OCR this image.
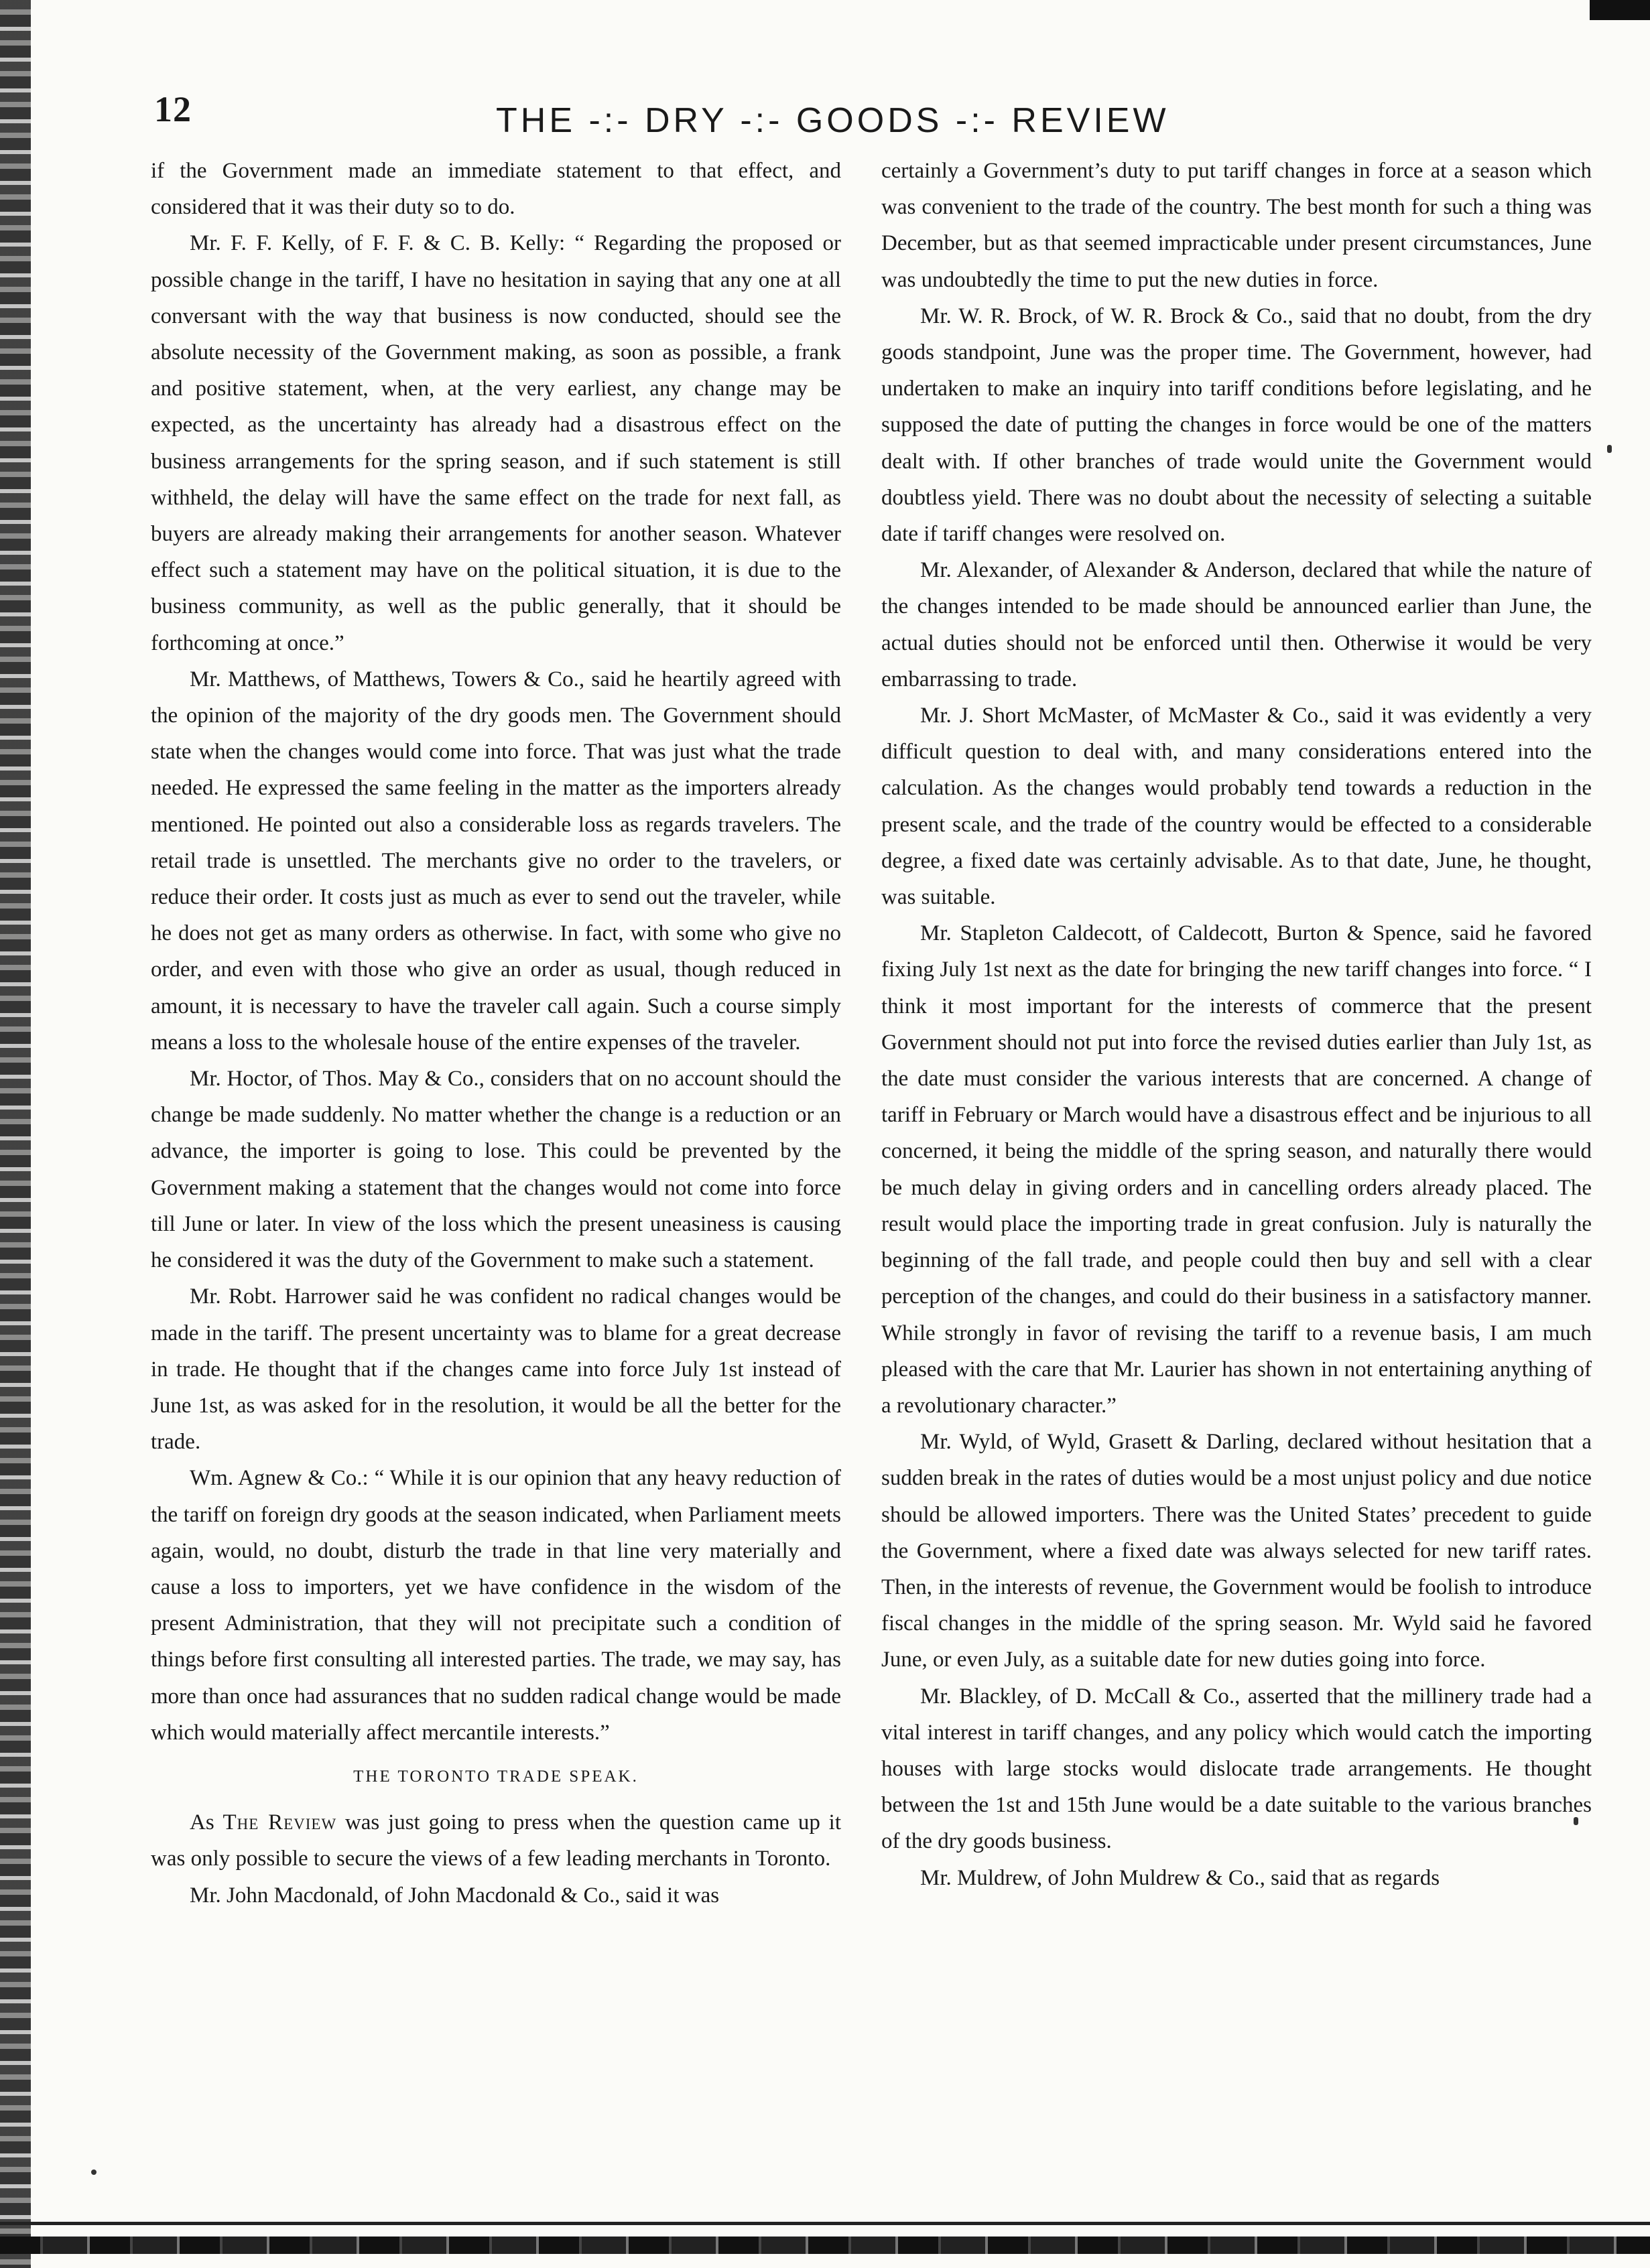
12	THE -:- DRY -:- GOODS -:- REVIEW

if the Government made an immediate statement to that effect, and considered that it was their duty so to do.

Mr. F. F. Kelly, of F. F. & C. B. Kelly: “ Regarding the proposed or possible change in the tariff, I have no hesitation in saying that any one at all conversant with the way that business is now conducted, should see the absolute necessity of the Government making, as soon as possible, a frank and positive statement, when, at the very earliest, any change may be expected, as the uncertainty has already had a disastrous effect on the business arrangements for the spring season, and if such statement is still withheld, the delay will have the same effect on the trade for next fall, as buyers are already making their arrangements for another season. Whatever effect such a statement may have on the political situation, it is due to the business community, as well as the public generally, that it should be forthcoming at once.”

Mr. Matthews, of Matthews, Towers & Co., said he heartily agreed with the opinion of the majority of the dry goods men. The Government should state when the changes would come into force. That was just what the trade needed. He expressed the same feeling in the matter as the importers already mentioned. He pointed out also a considerable loss as regards travelers. The retail trade is unsettled. The merchants give no order to the travelers, or reduce their order. It costs just as much as ever to send out the traveler, while he does not get as many orders as otherwise. In fact, with some who give no order, and even with those who give an order as usual, though reduced in amount, it is necessary to have the traveler call again. Such a course simply means a loss to the wholesale house of the entire expenses of the traveler.

Mr. Hoctor, of Thos. May & Co., considers that on no account should the change be made suddenly. No matter whether the change is a reduction or an advance, the importer is going to lose. This could be prevented by the Government making a statement that the changes would not come into force till June or later. In view of the loss which the present uneasiness is causing he considered it was the duty of the Government to make such a statement.

Mr. Robt. Harrower said he was confident no radical changes would be made in the tariff. The present uncertainty was to blame for a great decrease in trade. He thought that if the changes came into force July 1st instead of June 1st, as was asked for in the resolution, it would be all the better for the trade.

Wm. Agnew & Co.: “ While it is our opinion that any heavy reduction of the tariff on foreign dry goods at the season indicated, when Parliament meets again, would, no doubt, disturb the trade in that line very materially and cause a loss to importers, yet we have confidence in the wisdom of the present Administration, that they will not precipitate such a condition of things before first consulting all interested parties. The trade, we may say, has more than once had assurances that no sudden radical change would be made which would materially affect mercantile interests.”

THE TORONTO TRADE SPEAK.

As The Review was just going to press when the question came up it was only possible to secure the views of a few leading merchants in Toronto.

Mr. John Macdonald, of John Macdonald & Co., said it was

certainly a Government’s duty to put tariff changes in force at a season which was convenient to the trade of the country. The best month for such a thing was December, but as that seemed impracticable under present circumstances, June was undoubtedly the time to put the new duties in force.

Mr. W. R. Brock, of W. R. Brock & Co., said that no doubt, from the dry goods standpoint, June was the proper time. The Government, however, had undertaken to make an inquiry into tariff conditions before legislating, and he supposed the date of putting the changes in force would be one of the matters dealt with. If other branches of trade would unite the Government would doubtless yield. There was no doubt about the necessity of selecting a suitable date if tariff changes were resolved on.

Mr. Alexander, of Alexander & Anderson, declared that while the nature of the changes intended to be made should be announced earlier than June, the actual duties should not be enforced until then. Otherwise it would be very embarrassing to trade.

Mr. J. Short McMaster, of McMaster & Co., said it was evidently a very difficult question to deal with, and many considerations entered into the calculation. As the changes would probably tend towards a reduction in the present scale, and the trade of the country would be effected to a considerable degree, a fixed date was certainly advisable. As to that date, June, he thought, was suitable.

Mr. Stapleton Caldecott, of Caldecott, Burton & Spence, said he favored fixing July 1st next as the date for bringing the new tariff changes into force. “ I think it most important for the interests of commerce that the present Government should not put into force the revised duties earlier than July 1st, as the date must consider the various interests that are concerned. A change of tariff in February or March would have a disastrous effect and be injurious to all concerned, it being the middle of the spring season, and naturally there would be much delay in giving orders and in cancelling orders already placed. The result would place the importing trade in great confusion. July is naturally the beginning of the fall trade, and people could then buy and sell with a clear perception of the changes, and could do their business in a satisfactory manner. While strongly in favor of revising the tariff to a revenue basis, I am much pleased with the care that Mr. Laurier has shown in not entertaining anything of a revolutionary character.”

Mr. Wyld, of Wyld, Grasett & Darling, declared without hesitation that a sudden break in the rates of duties would be a most unjust policy and due notice should be allowed importers. There was the United States’ precedent to guide the Government, where a fixed date was always selected for new tariff rates. Then, in the interests of revenue, the Government would be foolish to introduce fiscal changes in the middle of the spring season. Mr. Wyld said he favored June, or even July, as a suitable date for new duties going into force.

Mr. Blackley, of D. McCall & Co., asserted that the millinery trade had a vital interest in tariff changes, and any policy which would catch the importing houses with large stocks would dislocate trade arrangements. He thought between the 1st and 15th June would be a date suitable to the various branches of the dry goods business.

Mr. Muldrew, of John Muldrew & Co., said that as regards
